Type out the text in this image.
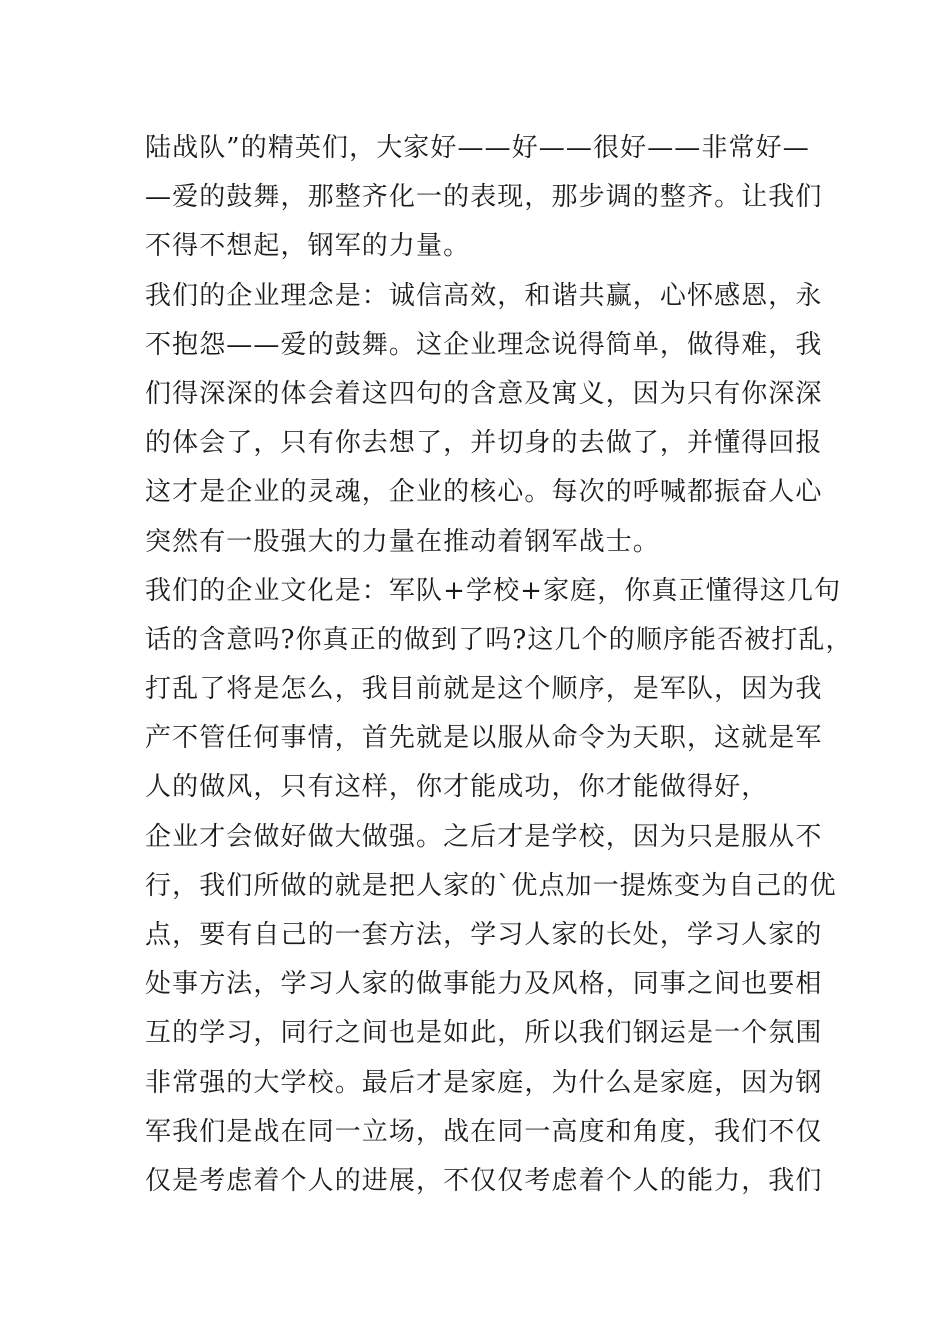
陆战队”的精英们，大家好——好——很好——非常好—
—爱的鼓舞，那整齐化一的表现，那步调的整齐。让我们
不得不想起，钢军的力量。
我们的企业理念是：诚信高效，和谐共赢，心怀感恩，永
不抱怨——爱的鼓舞。这企业理念说得简单，做得难，我
们得深深的体会着这四句的含意及寓义，因为只有你深深
的体会了，只有你去想了，并切身的去做了，并懂得回报
这才是企业的灵魂，企业的核心。每次的呼喊都振奋人心
突然有一股强大的力量在推动着钢军战士。
我们的企业文化是：军队+学校+家庭，你真正懂得这几句
话的含意吗?你真正的做到了吗?这几个的顺序能否被打乱，
打乱了将是怎么，我目前就是这个顺序，是军队，因为我
产不管任何事情，首先就是以服从命令为天职，这就是军
人的做风，只有这样，你才能成功，你才能做得好，
企业才会做好做大做强。之后才是学校，因为只是服从不
行，我们所做的就是把人家的`优点加一提炼变为自己的优
点，要有自己的一套方法，学习人家的长处，学习人家的
处事方法，学习人家的做事能力及风格，同事之间也要相
互的学习，同行之间也是如此，所以我们钢运是一个氛围
非常强的大学校。最后才是家庭，为什么是家庭，因为钢
军我们是战在同一立场，战在同一高度和角度，我们不仅
仅是考虑着个人的进展，不仅仅考虑着个人的能力，我们
